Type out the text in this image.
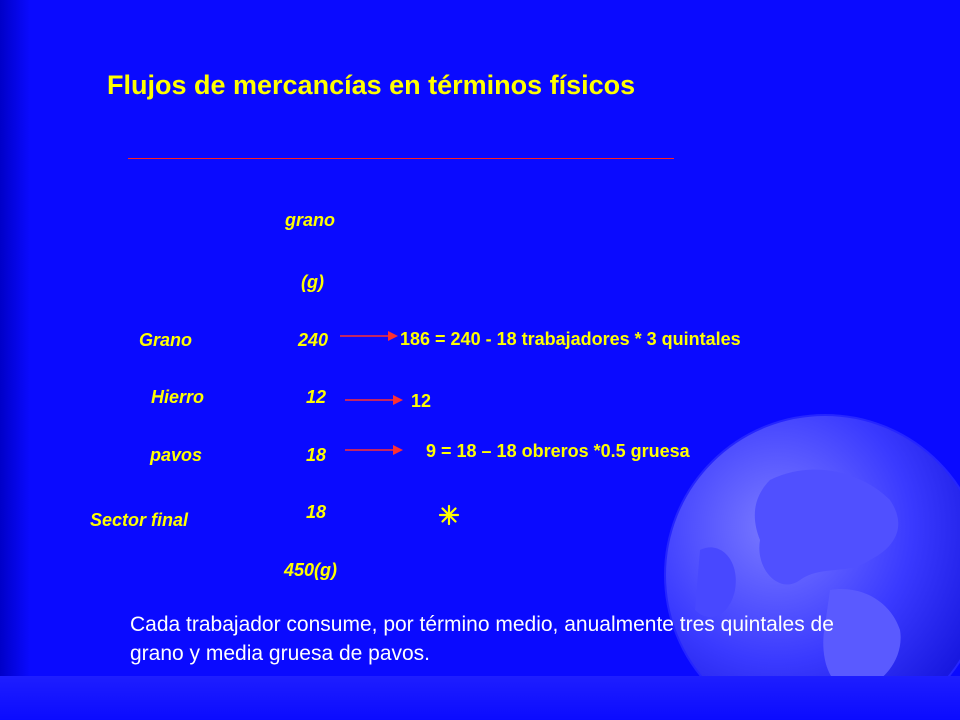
Flujos de mercancías en términos físicos
grano
(g)
Grano	240	186 = 240 - 18 trabajadores * 3 quintales
Hierro	12	12
pavos	18	9 = 18 – 18 obreros *0.5 gruesa
Sector final	18
450(g)
Cada trabajador consume, por término medio, anualmente tres quintales de grano y media gruesa de pavos.
